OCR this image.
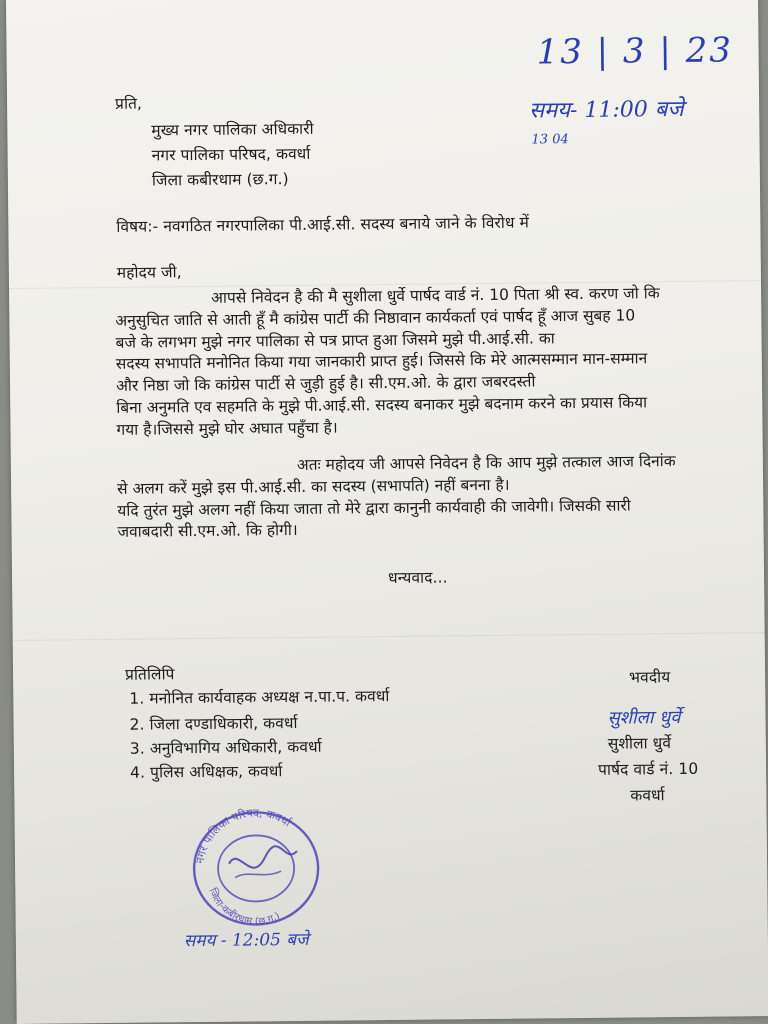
13 | 3 | 23
समय- 11:00 बजे
13 04
प्रति,
मुख्य नगर पालिका अधिकारी
नगर पालिका परिषद, कवर्धा
जिला कबीरधाम (छ.ग.)
विषय:- नवगठित नगरपालिका पी.आई.सी. सदस्य बनाये जाने के विरोध में
महोदय जी,
आपसे निवेदन है की मै सुशीला धुर्वे पार्षद वार्ड नं. 10 पिता श्री स्व. करण जो कि
अनुसुचित जाति से आती हूँ मै कांग्रेस पार्टी की निष्ठावान कार्यकर्ता एवं पार्षद हूँ आज सुबह 10
बजे के लगभग मुझे नगर पालिका से पत्र प्राप्त हुआ जिसमे मुझे पी.आई.सी. का
सदस्य सभापति मनोनित किया गया जानकारी प्राप्त हुई। जिससे कि मेरे आत्मसम्मान मान-सम्मान
और निष्ठा जो कि कांग्रेस पार्टी से जुड़ी हुई है। सी.एम.ओ. के द्वारा जबरदस्ती
बिना अनुमति एव सहमति के मुझे पी.आई.सी. सदस्य बनाकर मुझे बदनाम करने का प्रयास किया
गया है।जिससे मुझे घोर अघात पहुँचा है।
अतः महोदय जी आपसे निवेदन है कि आप मुझे तत्काल आज दिनांक
से अलग करें मुझे इस पी.आई.सी. का सदस्य (सभापति) नहीं बनना है।
यदि तुरंत मुझे अलग नहीं किया जाता तो मेरे द्वारा कानुनी कार्यवाही की जावेगी। जिसकी सारी
जवाबदारी सी.एम.ओ. कि होगी।
धन्यवाद...
प्रतिलिपि
1. मनोनित कार्यवाहक अध्यक्ष न.पा.प. कवर्धा
2. जिला दण्डाधिकारी, कवर्धा
3. अनुविभागिय अधिकारी, कवर्धा
4. पुलिस अधिक्षक, कवर्धा
भवदीय
सुशीला धुर्वे
सुशीला धुर्वे
पार्षद वार्ड नं. 10
कवर्धा
नगर पालिका परिषद, कवर्धा
जिला-कबीरधाम (छ.ग.)
समय - 12:05 बजे
